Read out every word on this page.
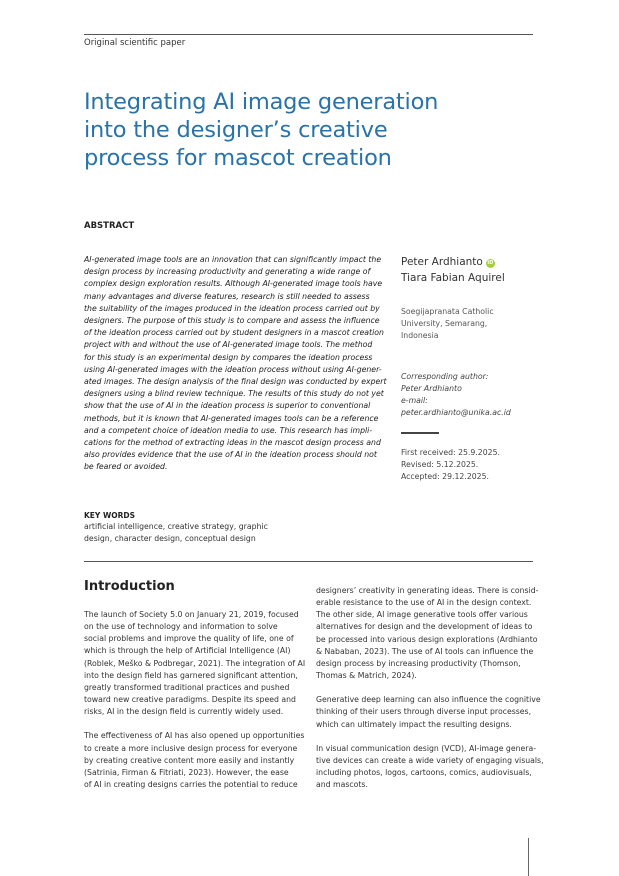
Original scientific paper
Integrating AI image generation
into the designer’s creative
process for mascot creation
ABSTRACT
AI-generated image tools are an innovation that can significantly impact the
design process by increasing productivity and generating a wide range of
complex design exploration results. Although AI-generated image tools have
many advantages and diverse features, research is still needed to assess
the suitability of the images produced in the ideation process carried out by
designers. The purpose of this study is to compare and assess the influence
of the ideation process carried out by student designers in a mascot creation
project with and without the use of AI-generated image tools. The method
for this study is an experimental design by compares the ideation process
using AI-generated images with the ideation process without using AI-gener-
ated images. The design analysis of the final design was conducted by expert
designers using a blind review technique. The results of this study do not yet
show that the use of AI in the ideation process is superior to conventional
methods, but it is known that AI-generated images tools can be a reference
and a competent choice of ideation media to use. This research has impli-
cations for the method of extracting ideas in the mascot design process and
also provides evidence that the use of AI in the ideation process should not
be feared or avoided.
Peter Ardhianto iD
Tiara Fabian Aquirel
Soegijapranata Catholic
University, Semarang,
Indonesia
Corresponding author:
Peter Ardhianto
e-mail:
peter.ardhianto@unika.ac.id
First received: 25.9.2025.
Revised: 5.12.2025.
Accepted: 29.12.2025.
KEY WORDS
artificial intelligence, creative strategy, graphic
design, character design, conceptual design
Introduction

The launch of Society 5.0 on January 21, 2019, focused
on the use of technology and information to solve
social problems and improve the quality of life, one of
which is through the help of Artificial Intelligence (AI)
(Roblek, Meško & Podbregar, 2021). The integration of AI
into the design field has garnered significant attention,
greatly transformed traditional practices and pushed
toward new creative paradigms. Despite its speed and
risks, AI in the design field is currently widely used.

The effectiveness of AI has also opened up opportunities
to create a more inclusive design process for everyone
by creating creative content more easily and instantly
(Satrinia, Firman & Fitriati, 2023). However, the ease
of AI in creating designs carries the potential to reduce

designers’ creativity in generating ideas. There is consid-
erable resistance to the use of AI in the design context.
The other side, AI image generative tools offer various
alternatives for design and the development of ideas to
be processed into various design explorations (Ardhianto
& Nababan, 2023). The use of AI tools can influence the
design process by increasing productivity (Thomson,
Thomas & Matrich, 2024).

Generative deep learning can also influence the cognitive
thinking of their users through diverse input processes,
which can ultimately impact the resulting designs.

In visual communication design (VCD), AI-image genera-
tive devices can create a wide variety of engaging visuals,
including photos, logos, cartoons, comics, audiovisuals,
and mascots.
